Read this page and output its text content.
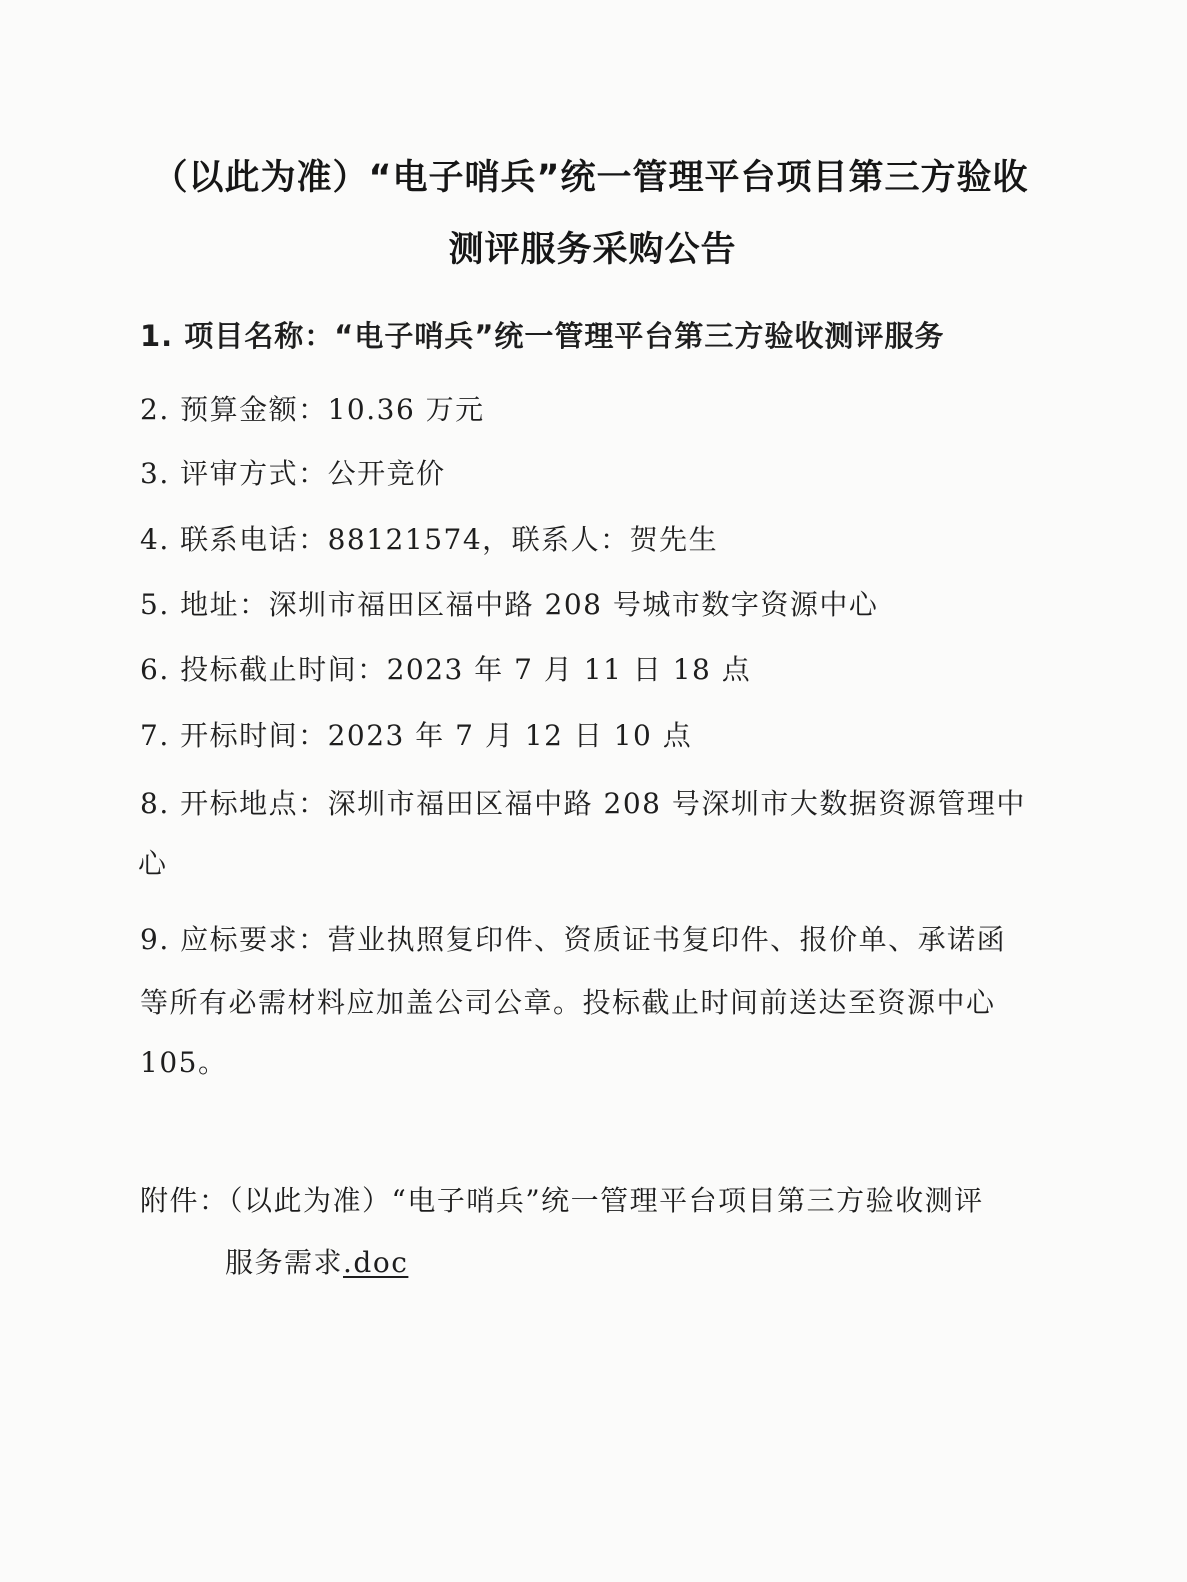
（以此为准）“电子哨兵”统一管理平台项目第三方验收
测评服务采购公告
1. 项目名称：“电子哨兵”统一管理平台第三方验收测评服务
2. 预算金额：10.36 万元
3. 评审方式：公开竞价
4. 联系电话：88121574，联系人：贺先生
5. 地址：深圳市福田区福中路 208 号城市数字资源中心
6. 投标截止时间：2023 年 7 月 11 日 18 点
7. 开标时间：2023 年 7 月 12 日 10 点
8. 开标地点：深圳市福田区福中路 208 号深圳市大数据资源管理中
心
9. 应标要求：营业执照复印件、资质证书复印件、报价单、承诺函
等所有必需材料应加盖公司公章。投标截止时间前送达至资源中心
105。
附件：（以此为准）“电子哨兵”统一管理平台项目第三方验收测评
服务需求.doc
